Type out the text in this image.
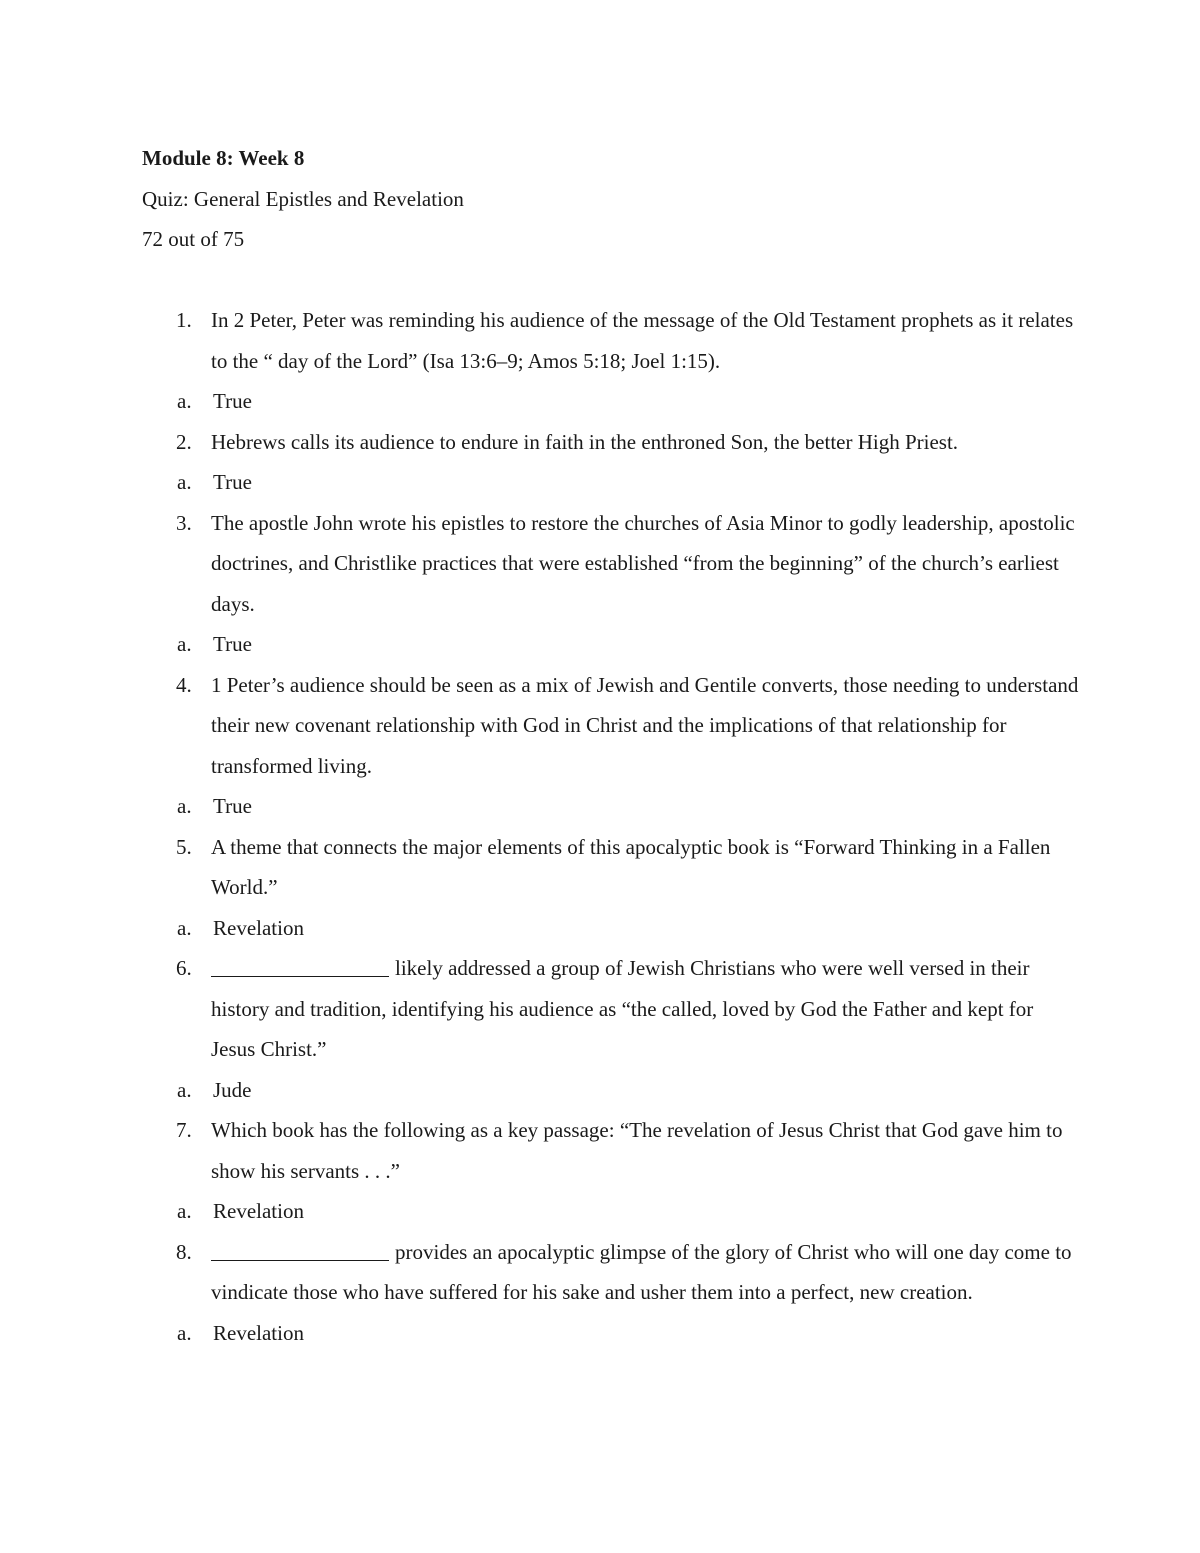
Module 8: Week 8

Quiz: General Epistles and Revelation

72 out of 75

1. In 2 Peter, Peter was reminding his audience of the message of the Old Testament prophets as it relates to the “ day of the Lord” (Isa 13:6–9; Amos 5:18; Joel 1:15).
a. True
2. Hebrews calls its audience to endure in faith in the enthroned Son, the better High Priest.
a. True
3. The apostle John wrote his epistles to restore the churches of Asia Minor to godly leadership, apostolic doctrines, and Christlike practices that were established “from the beginning” of the church’s earliest days.
a. True
4. 1 Peter’s audience should be seen as a mix of Jewish and Gentile converts, those needing to understand their new covenant relationship with God in Christ and the implications of that relationship for transformed living.
a. True
5. A theme that connects the major elements of this apocalyptic book is “Forward Thinking in a Fallen World.”
a. Revelation
6.	likely addressed a group of Jewish Christians who were well versed in their history and tradition, identifying his audience as “the called, loved by God the Father and kept for Jesus Christ.”
a. Jude
7. Which book has the following as a key passage: “The revelation of Jesus Christ that God gave him to show his servants . . .”
a. Revelation
8.	provides an apocalyptic glimpse of the glory of Christ who will one day come to vindicate those who have suffered for his sake and usher them into a perfect, new creation.
a. Revelation
